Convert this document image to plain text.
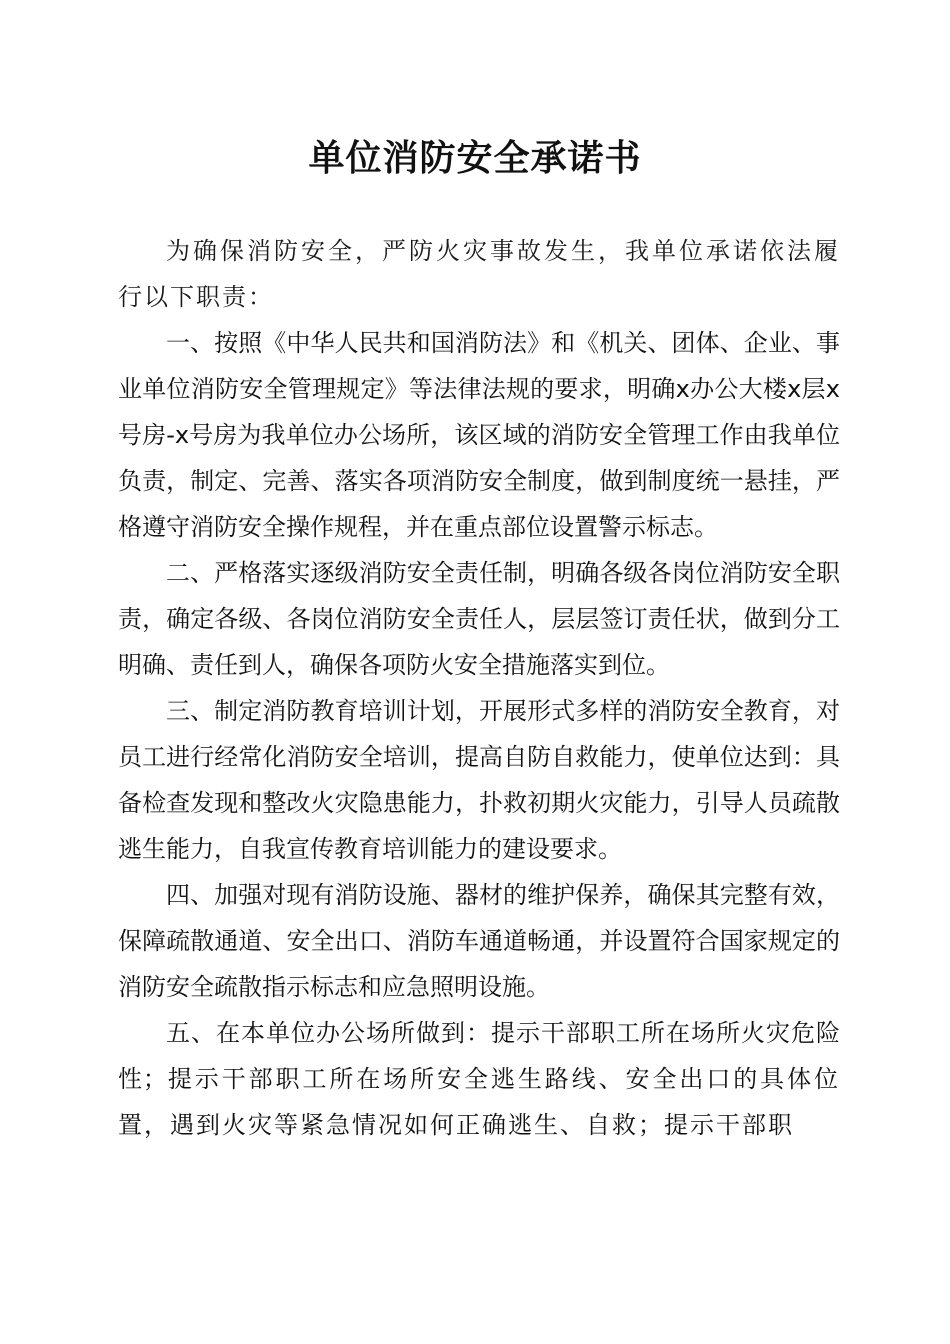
单位消防安全承诺书

为确保消防安全，严防火灾事故发生，我单位承诺依法履行以下职责：

一、按照《中华人民共和国消防法》和《机关、团体、企业、事业单位消防安全管理规定》等法律法规的要求，明确x办公大楼x层x号房-x号房为我单位办公场所，该区域的消防安全管理工作由我单位负责，制定、完善、落实各项消防安全制度，做到制度统一悬挂，严格遵守消防安全操作规程，并在重点部位设置警示标志。

二、严格落实逐级消防安全责任制，明确各级各岗位消防安全职责，确定各级、各岗位消防安全责任人，层层签订责任状，做到分工明确、责任到人，确保各项防火安全措施落实到位。

三、制定消防教育培训计划，开展形式多样的消防安全教育，对员工进行经常化消防安全培训，提高自防自救能力，使单位达到：具备检查发现和整改火灾隐患能力，扑救初期火灾能力，引导人员疏散逃生能力，自我宣传教育培训能力的建设要求。

四、加强对现有消防设施、器材的维护保养，确保其完整有效，保障疏散通道、安全出口、消防车通道畅通，并设置符合国家规定的消防安全疏散指示标志和应急照明设施。

五、在本单位办公场所做到：提示干部职工所在场所火灾危险性；提示干部职工所在场所安全逃生路线、安全出口的具体位置，遇到火灾等紧急情况如何正确逃生、自救；提示干部职
